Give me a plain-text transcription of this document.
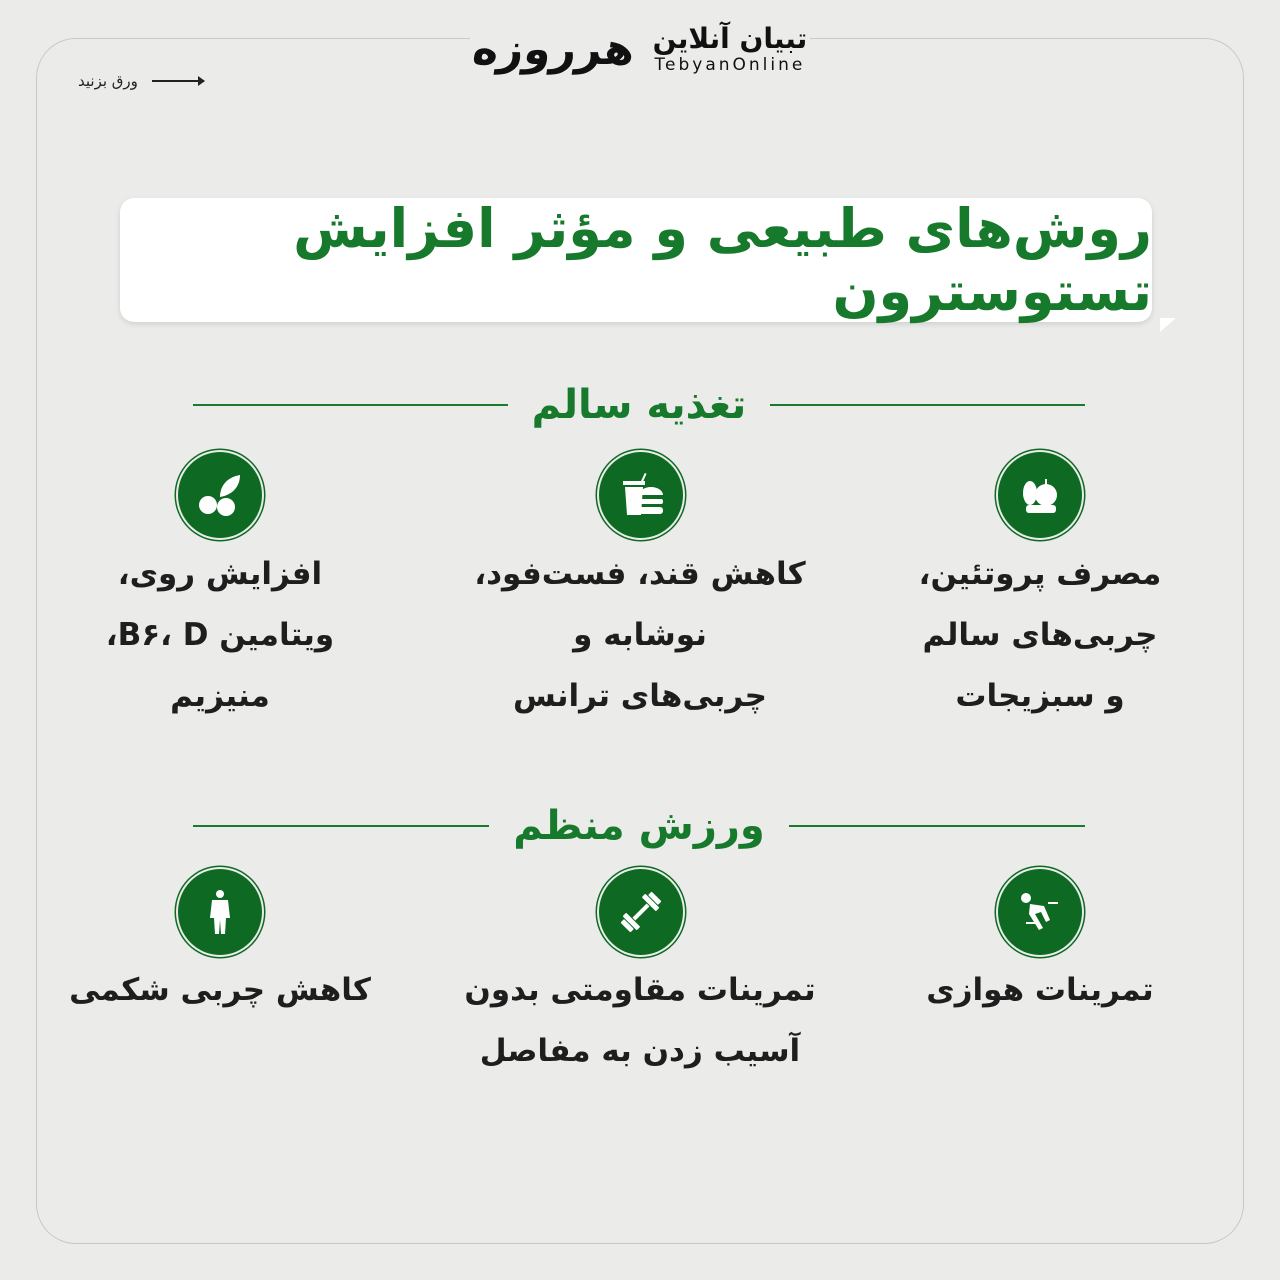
هرروزه تبیان آنلاین
TebyanOnline
ورق بزنید
روش‌های طبیعی و مؤثر افزایش تستوسترون
تغذیه سالم
مصرف پروتئین،
چربی‌های سالم
و سبزیجات
کاهش قند، فست‌فود،
نوشابه و
چربی‌های ترانس
افزایش روی،
ویتامین B۶، D،
منیزیم
ورزش منظم
تمرینات هوازی
تمرینات مقاومتی بدون
آسیب زدن به مفاصل
کاهش چربی شکمی
